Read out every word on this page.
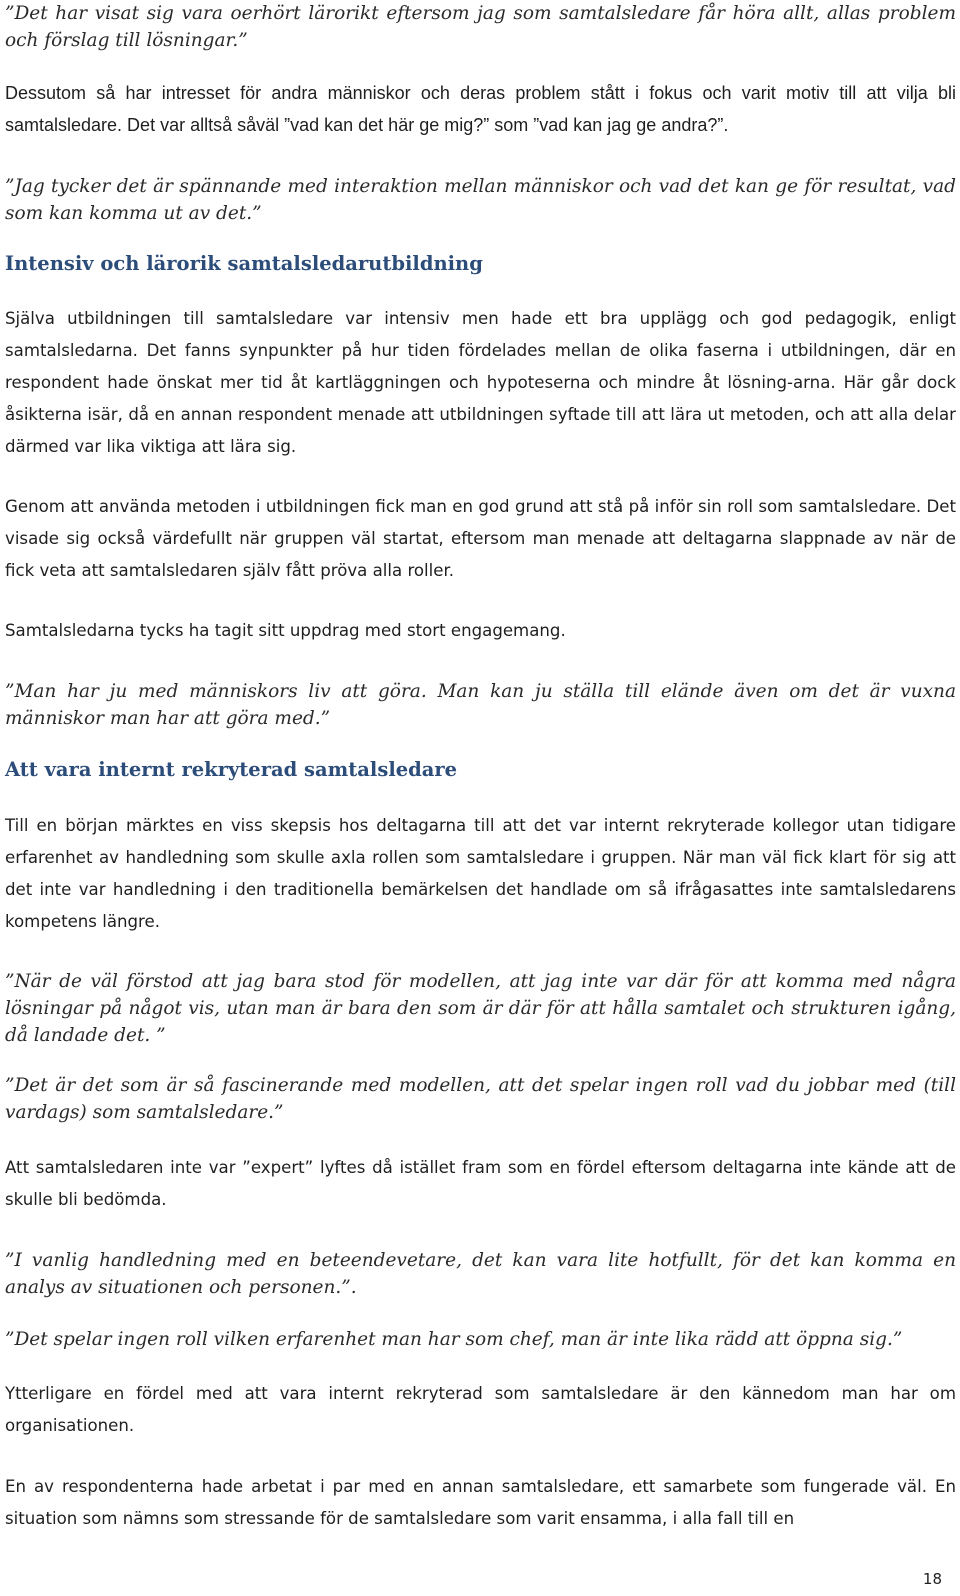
”Det har visat sig vara oerhört lärorikt eftersom jag som samtalsledare får höra allt, allas problem och förslag till lösningar.”

Dessutom så har intresset för andra människor och deras problem stått i fokus och varit motiv till att vilja bli samtalsledare. Det var alltså såväl ”vad kan det här ge mig?” som ”vad kan jag ge andra?”.

”Jag tycker det är spännande med interaktion mellan människor och vad det kan ge för resultat, vad som kan komma ut av det.”

Intensiv och lärorik samtalsledarutbildning

Själva utbildningen till samtalsledare var intensiv men hade ett bra upplägg och god pedagogik, enligt samtalsledarna. Det fanns synpunkter på hur tiden fördelades mellan de olika faserna i utbildningen, där en respondent hade önskat mer tid åt kartläggningen och hypoteserna och mindre åt lösning-arna. Här går dock åsikterna isär, då en annan respondent menade att utbildningen syftade till att lära ut metoden, och att alla delar därmed var lika viktiga att lära sig.

Genom att använda metoden i utbildningen fick man en god grund att stå på inför sin roll som samtalsledare. Det visade sig också värdefullt när gruppen väl startat, eftersom man menade att deltagarna slappnade av när de fick veta att samtalsledaren själv fått pröva alla roller.

Samtalsledarna tycks ha tagit sitt uppdrag med stort engagemang.

”Man har ju med människors liv att göra. Man kan ju ställa till elände även om det är vuxna människor man har att göra med.”

Att vara internt rekryterad samtalsledare

Till en början märktes en viss skepsis hos deltagarna till att det var internt rekryterade kollegor utan tidigare erfarenhet av handledning som skulle axla rollen som samtalsledare i gruppen. När man väl fick klart för sig att det inte var handledning i den traditionella bemärkelsen det handlade om så ifrågasattes inte samtalsledarens kompetens längre.

”När de väl förstod att jag bara stod för modellen, att jag inte var där för att komma med några lösningar på något vis, utan man är bara den som är där för att hålla samtalet och strukturen igång, då landade det. ”

”Det är det som är så fascinerande med modellen, att det spelar ingen roll vad du jobbar med (till vardags) som samtalsledare.”

Att samtalsledaren inte var ”expert” lyftes då istället fram som en fördel eftersom deltagarna inte kände att de skulle bli bedömda.

”I vanlig handledning med en beteendevetare, det kan vara lite hotfullt, för det kan komma en analys av situationen och personen.”.

”Det spelar ingen roll vilken erfarenhet man har som chef, man är inte lika rädd att öppna sig.”

Ytterligare en fördel med att vara internt rekryterad som samtalsledare är den kännedom man har om organisationen.

En av respondenterna hade arbetat i par med en annan samtalsledare, ett samarbete som fungerade väl. En situation som nämns som stressande för de samtalsledare som varit ensamma, i alla fall till en

18
